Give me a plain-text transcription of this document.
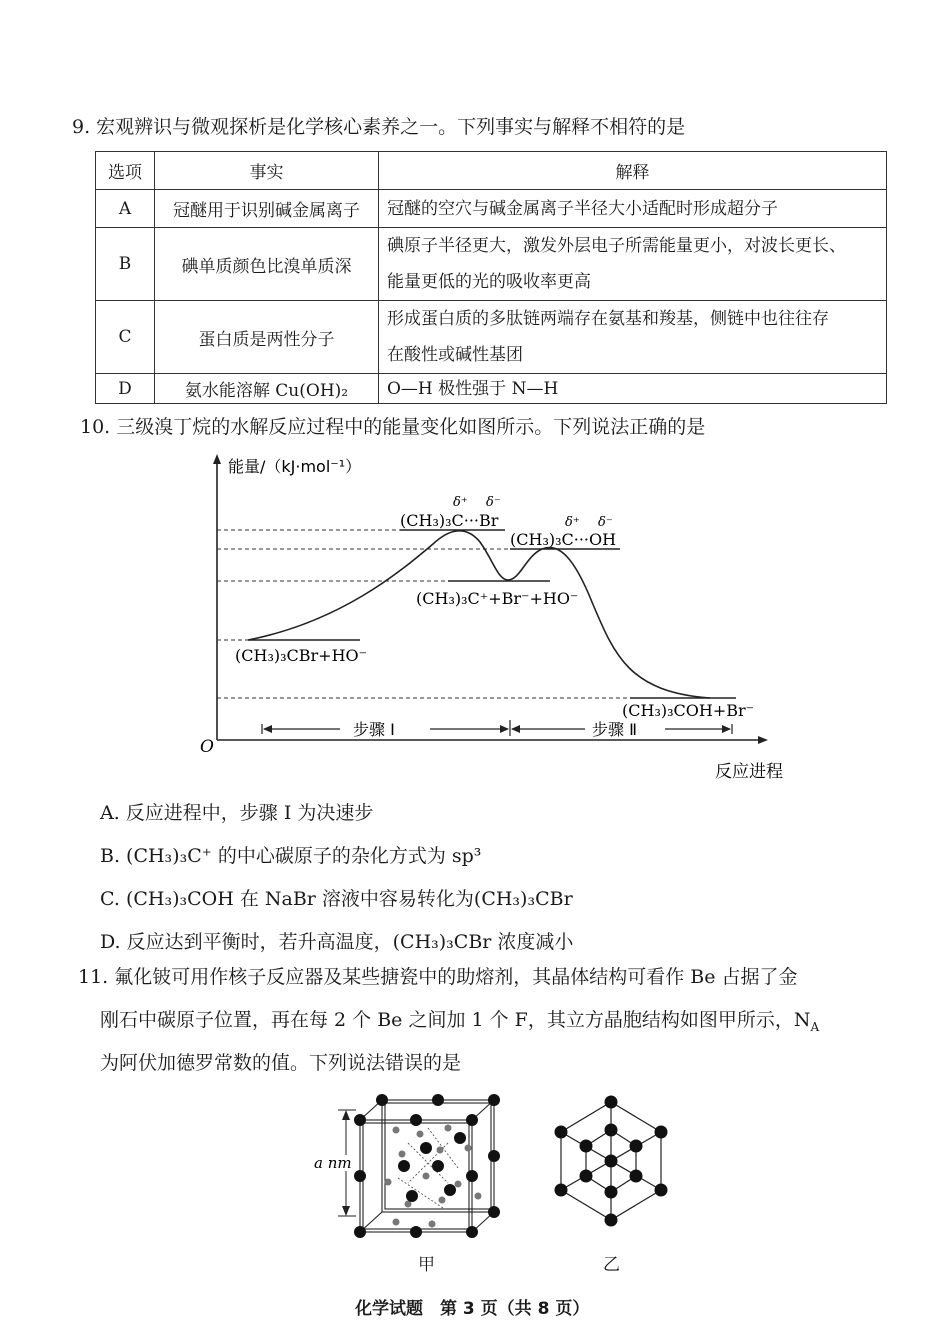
9. 宏观辨识与微观探析是化学核心素养之一。下列事实与解释不相符的是
选项	事实	解释
A	冠醚用于识别碱金属离子	冠醚的空穴与碱金属离子半径大小适配时形成超分子
B	碘单质颜色比溴单质深	碘原子半径更大，激发外层电子所需能量更小，对波长更长、
能量更低的光的吸收率更高

C	蛋白质是两性分子	形成蛋白质的多肽链两端存在氨基和羧基，侧链中也往往存
在酸性或碱性基团

D	氨水能溶解 Cu(OH)₂	O—H 极性强于 N—H
10. 三级溴丁烷的水解反应过程中的能量变化如图所示。下列说法正确的是
能量/（kJ·mol⁻¹）
O
反应进程
(CH₃)₃C···Br
δ⁺ δ⁻
(CH₃)₃C···OH
δ⁺ δ⁻
(CH₃)₃C⁺+Br⁻+HO⁻
(CH₃)₃CBr+HO⁻
(CH₃)₃COH+Br⁻
步骤 Ⅰ	步骤 Ⅱ
A. 反应进程中，步骤 Ⅰ 为决速步
B. (CH₃)₃C⁺ 的中心碳原子的杂化方式为 sp³
C. (CH₃)₃COH 在 NaBr 溶液中容易转化为(CH₃)₃CBr
D. 反应达到平衡时，若升高温度，(CH₃)₃CBr 浓度减小
11. 氟化铍可用作核子反应器及某些搪瓷中的助熔剂，其晶体结构可看作 Be 占据了金
刚石中碳原子位置，再在每 2 个 Be 之间加 1 个 F，其立方晶胞结构如图甲所示，$N_A$
为阿伏加德罗常数的值。下列说法错误的是
a nm
甲	乙
化学试题　第 3 页（共 8 页）
